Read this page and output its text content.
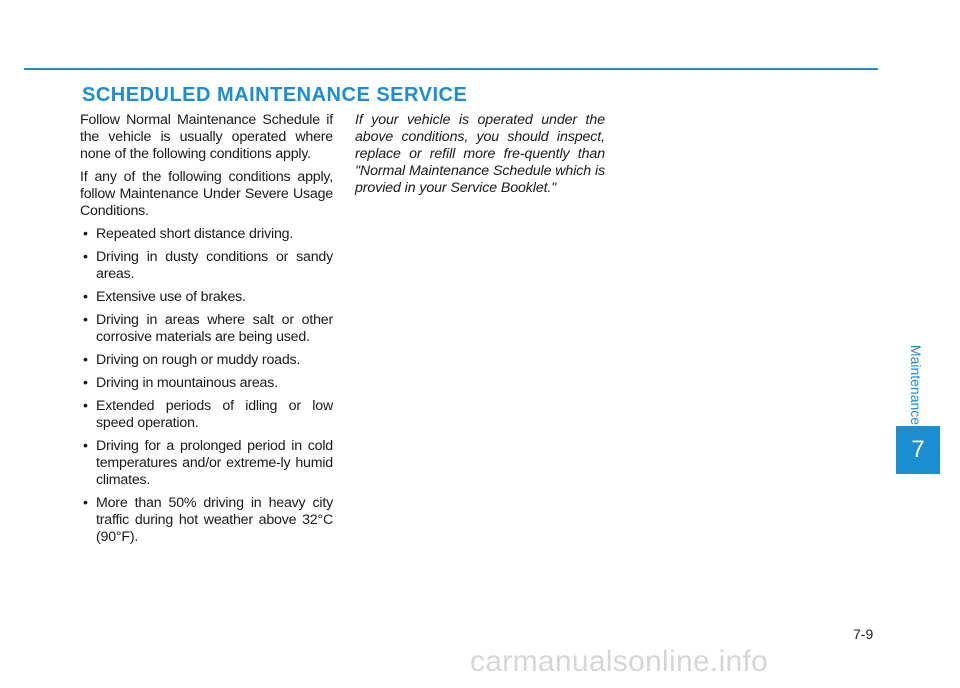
SCHEDULED MAINTENANCE SERVICE

Follow Normal Maintenance Schedule if the vehicle is usually operated where none of the following conditions apply.

If any of the following conditions apply, follow Maintenance Under Severe Usage Conditions.

• Repeated short distance driving.
• Driving in dusty conditions or sandy areas.
• Extensive use of brakes.
• Driving in areas where salt or other corrosive materials are being used.
• Driving on rough or muddy roads.
• Driving in mountainous areas.
• Extended periods of idling or low speed operation.
• Driving for a prolonged period in cold temperatures and/or extreme-ly humid climates.
• More than 50% driving in heavy city traffic during hot weather above 32°C (90°F).

If your vehicle is operated under the above conditions, you should inspect, replace or refill more fre-quently than "Normal Maintenance Schedule which is provied in your Service Booklet."

Maintenance
7
7-9
carmanualsonline.info
